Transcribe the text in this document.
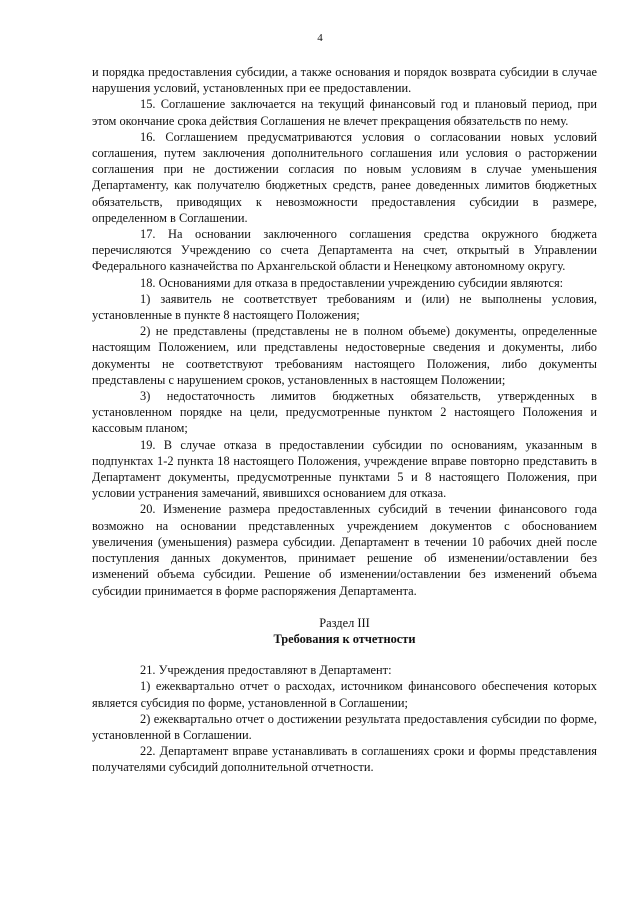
4

и порядка предоставления субсидии, а также основания и порядок возврата субсидии в случае нарушения условий, установленных при ее предоставлении.

15. Соглашение заключается на текущий финансовый год и плановый период, при этом окончание срока действия Соглашения не влечет прекращения обязательств по нему.

16. Соглашением предусматриваются условия о согласовании новых условий соглашения, путем заключения дополнительного соглашения или условия о расторжении соглашения при не достижении согласия по новым условиям в случае уменьшения Департаменту, как получателю бюджетных средств, ранее доведенных лимитов бюджетных обязательств, приводящих к невозможности предоставления субсидии в размере, определенном в Соглашении.

17. На основании заключенного соглашения средства окружного бюджета перечисляются Учреждению со счета Департамента на счет, открытый в Управлении Федерального казначейства по Архангельской области и Ненецкому автономному округу.

18. Основаниями для отказа в предоставлении учреждению субсидии являются:

1) заявитель не соответствует требованиям и (или) не выполнены условия, установленные в пункте 8 настоящего Положения;

2) не представлены (представлены не в полном объеме) документы, определенные настоящим Положением, или представлены недостоверные сведения и документы, либо документы не соответствуют требованиям настоящего Положения, либо документы представлены с нарушением сроков, установленных в настоящем Положении;

3) недостаточность лимитов бюджетных обязательств, утвержденных в установленном порядке на цели, предусмотренные пунктом 2 настоящего Положения и кассовым планом;

19. В случае отказа в предоставлении субсидии по основаниям, указанным в подпунктах 1-2 пункта 18 настоящего Положения, учреждение вправе повторно представить в Департамент документы, предусмотренные пунктами 5 и 8 настоящего Положения, при условии устранения замечаний, явившихся основанием для отказа.

20. Изменение размера предоставленных субсидий в течении финансового года возможно на основании представленных учреждением документов с обоснованием увеличения (уменьшения) размера субсидии. Департамент в течении 10 рабочих дней после поступления данных документов, принимает решение об изменении/оставлении без изменений объема субсидии. Решение об изменении/оставлении без изменений объема субсидии принимается в форме распоряжения Департамента.

Раздел III

Требования к отчетности

21. Учреждения предоставляют в Департамент:

1) ежеквартально отчет о расходах, источником финансового обеспечения которых является субсидия по форме, установленной в Соглашении;

2) ежеквартально отчет о достижении результата предоставления субсидии по форме, установленной в Соглашении.

22. Департамент вправе устанавливать в соглашениях сроки и формы представления получателями субсидий дополнительной отчетности.
